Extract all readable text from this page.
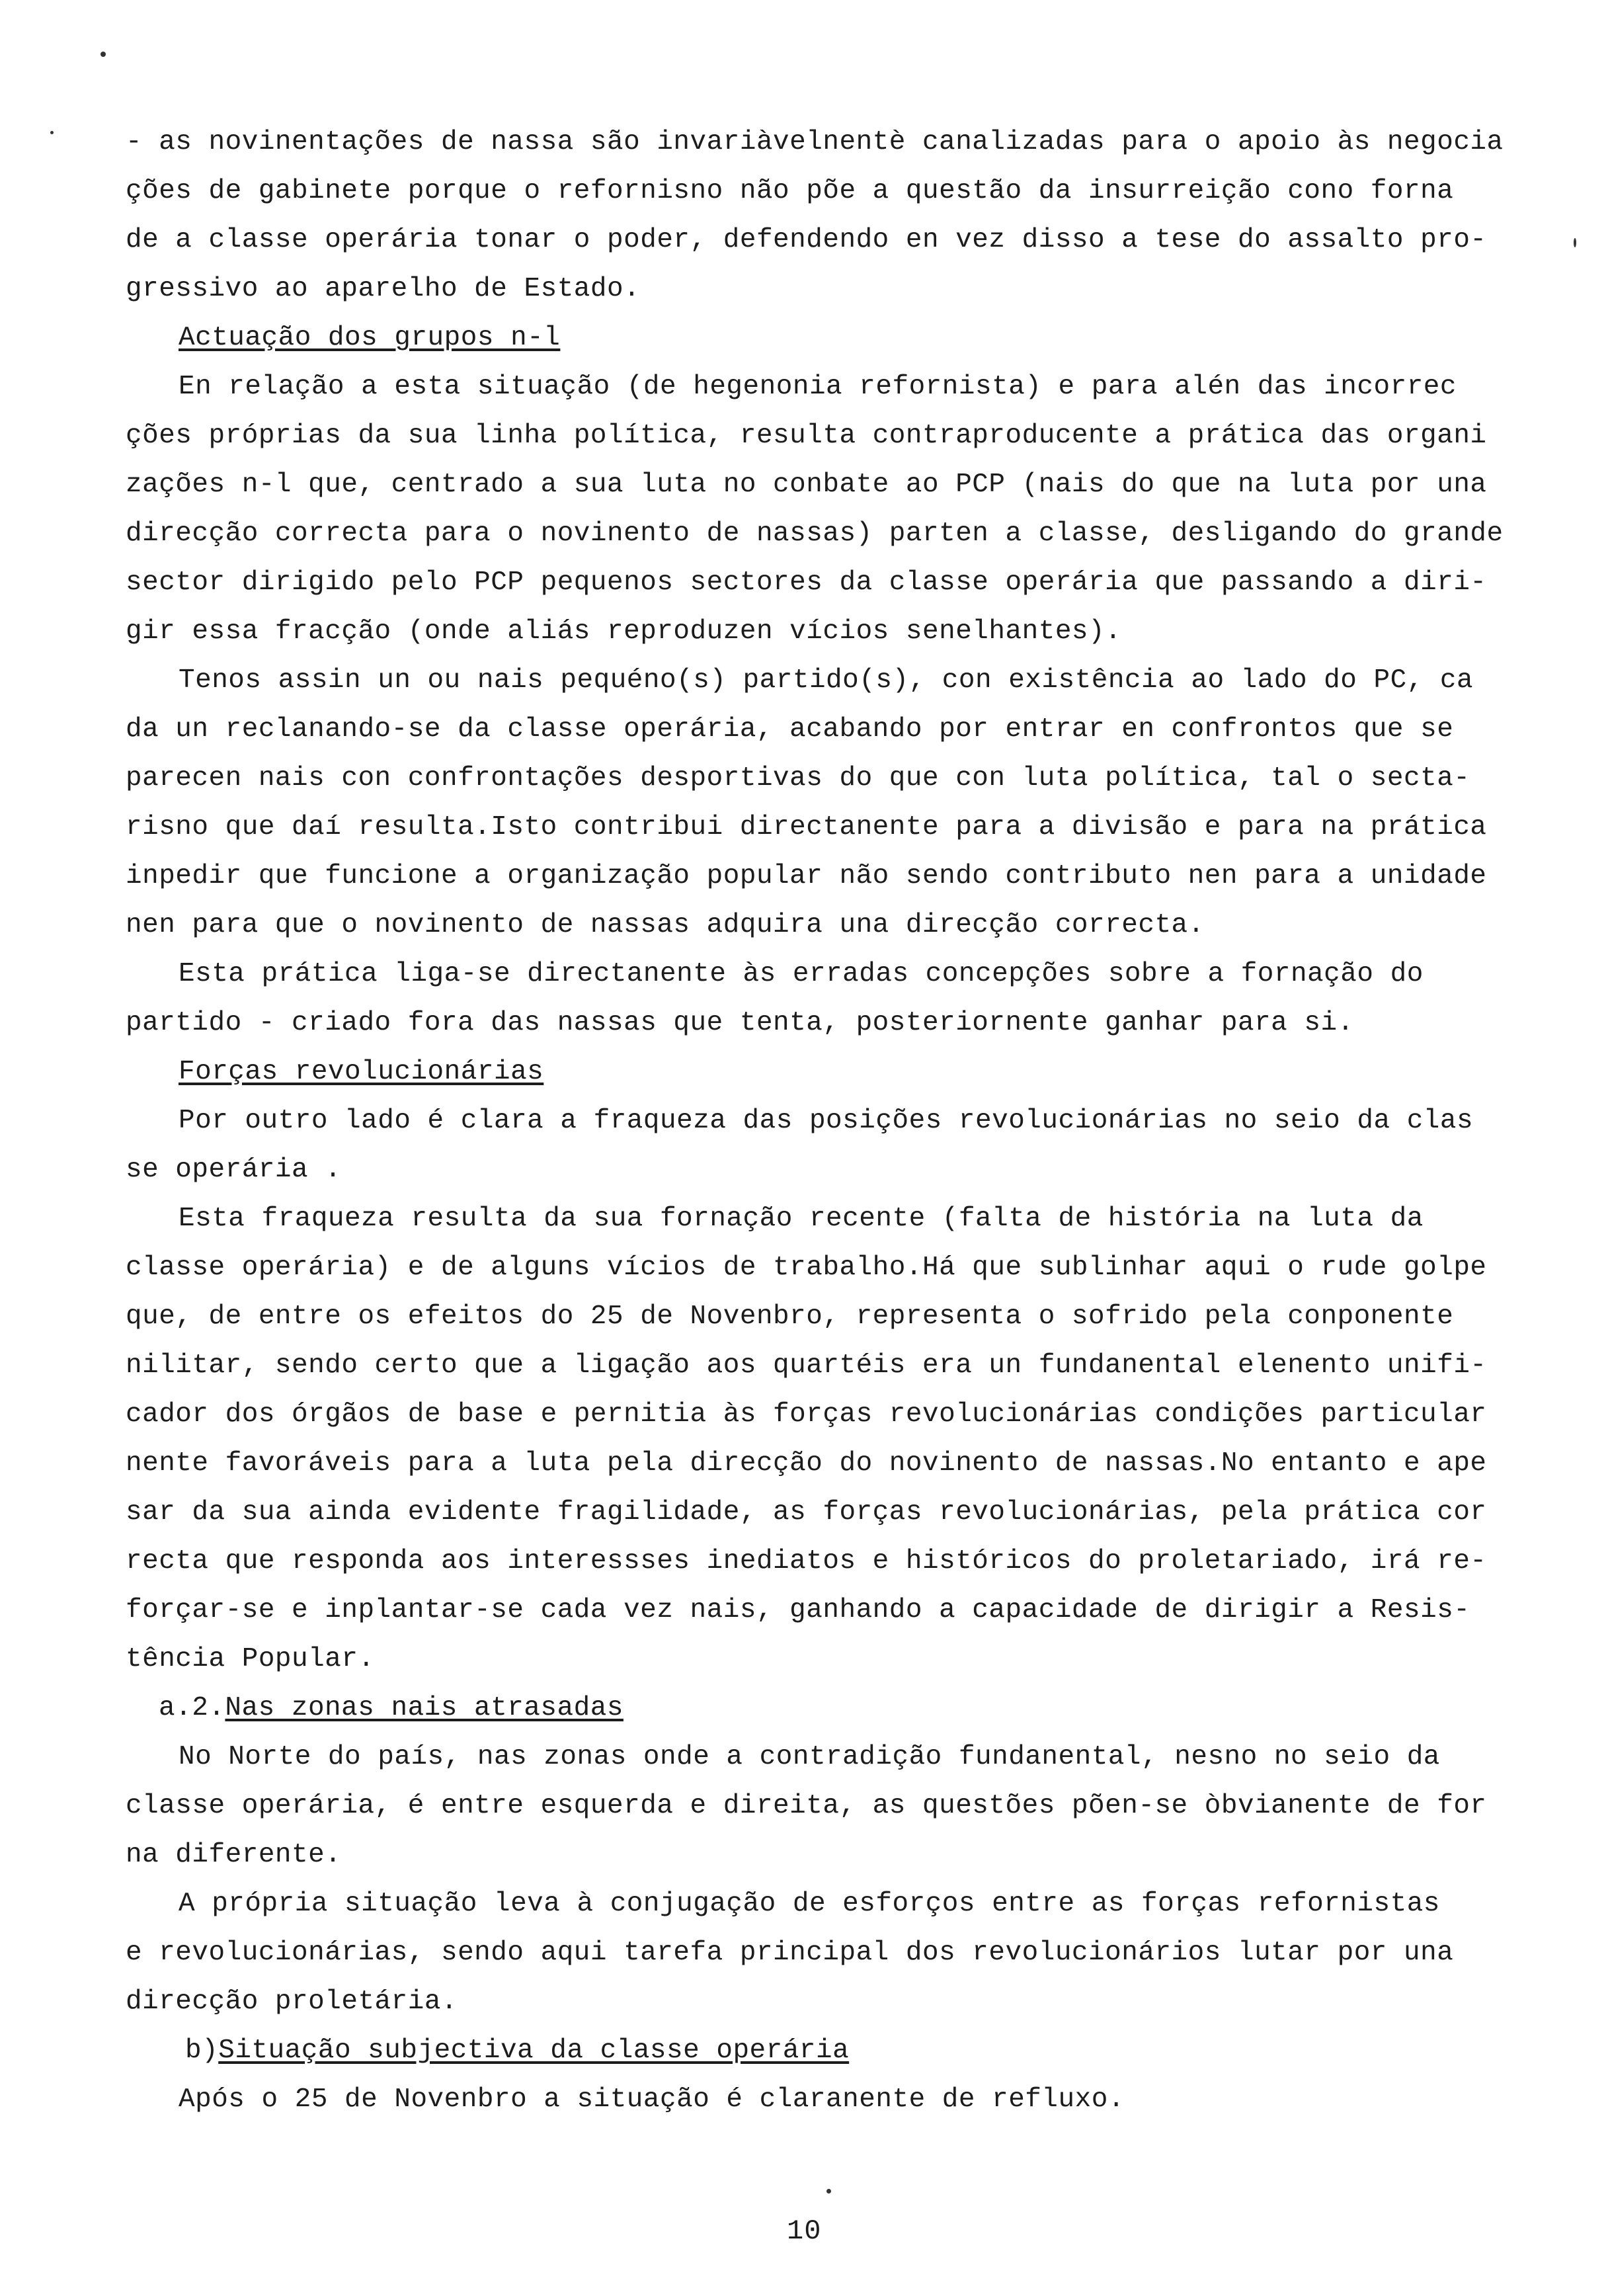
- as novinentações de nassa são invariàvelnentè canalizadas para o apoio às negocia
ções de gabinete porque o refornisno não põe a questão da insurreição cono forna
de a classe operária tonar o poder, defendendo en vez disso a tese do assalto pro-
gressivo ao aparelho de Estado.
Actuação dos grupos n-l
En relação a esta situação (de hegenonia refornista) e para alén das incorrec
ções próprias da sua linha política, resulta contraproducente a prática das organi
zações n-l que, centrado a sua luta no conbate ao PCP (nais do que na luta por una
direcção correcta para o novinento de nassas) parten a classe, desligando do grande
sector dirigido pelo PCP pequenos sectores da classe operária que passando a diri-
gir essa fracção (onde aliás reproduzen vícios senelhantes).
Tenos assin un ou nais pequéno(s) partido(s), con existência ao lado do PC, ca
da un reclanando-se da classe operária, acabando por entrar en confrontos que se
parecen nais con confrontações desportivas do que con luta política, tal o secta-
risno que daí resulta.Isto contribui directanente para a divisão e para na prática
inpedir que funcione a organização popular não sendo contributo nen para a unidade
nen para que o novinento de nassas adquira una direcção correcta.
Esta prática liga-se directanente às erradas concepções sobre a fornação do
partido - criado fora das nassas que tenta, posteriornente ganhar para si.
Forças revolucionárias
Por outro lado é clara a fraqueza das posições revolucionárias no seio da clas
se operária .
Esta fraqueza resulta da sua fornação recente (falta de história na luta da
classe operária) e de alguns vícios de trabalho.Há que sublinhar aqui o rude golpe
que, de entre os efeitos do 25 de Novenbro, representa o sofrido pela conponente
nilitar, sendo certo que a ligação aos quartéis era un fundanental elenento unifi-
cador dos órgãos de base e pernitia às forças revolucionárias condições particular
nente favoráveis para a luta pela direcção do novinento de nassas.No entanto e ape
sar da sua ainda evidente fragilidade, as forças revolucionárias, pela prática cor
recta que responda aos interessses inediatos e históricos do proletariado, irá re-
forçar-se e inplantar-se cada vez nais, ganhando a capacidade de dirigir a Resis-
tência Popular.
a.2.Nas zonas nais atrasadas
No Norte do país, nas zonas onde a contradição fundanental, nesno no seio da
classe operária, é entre esquerda e direita, as questões põen-se òbvianente de for
na diferente.
A própria situação leva à conjugação de esforços entre as forças refornistas
e revolucionárias, sendo aqui tarefa principal dos revolucionários lutar por una
direcção proletária.
b)Situação subjectiva da classe operária
Após o 25 de Novenbro a situação é claranente de refluxo.
10
